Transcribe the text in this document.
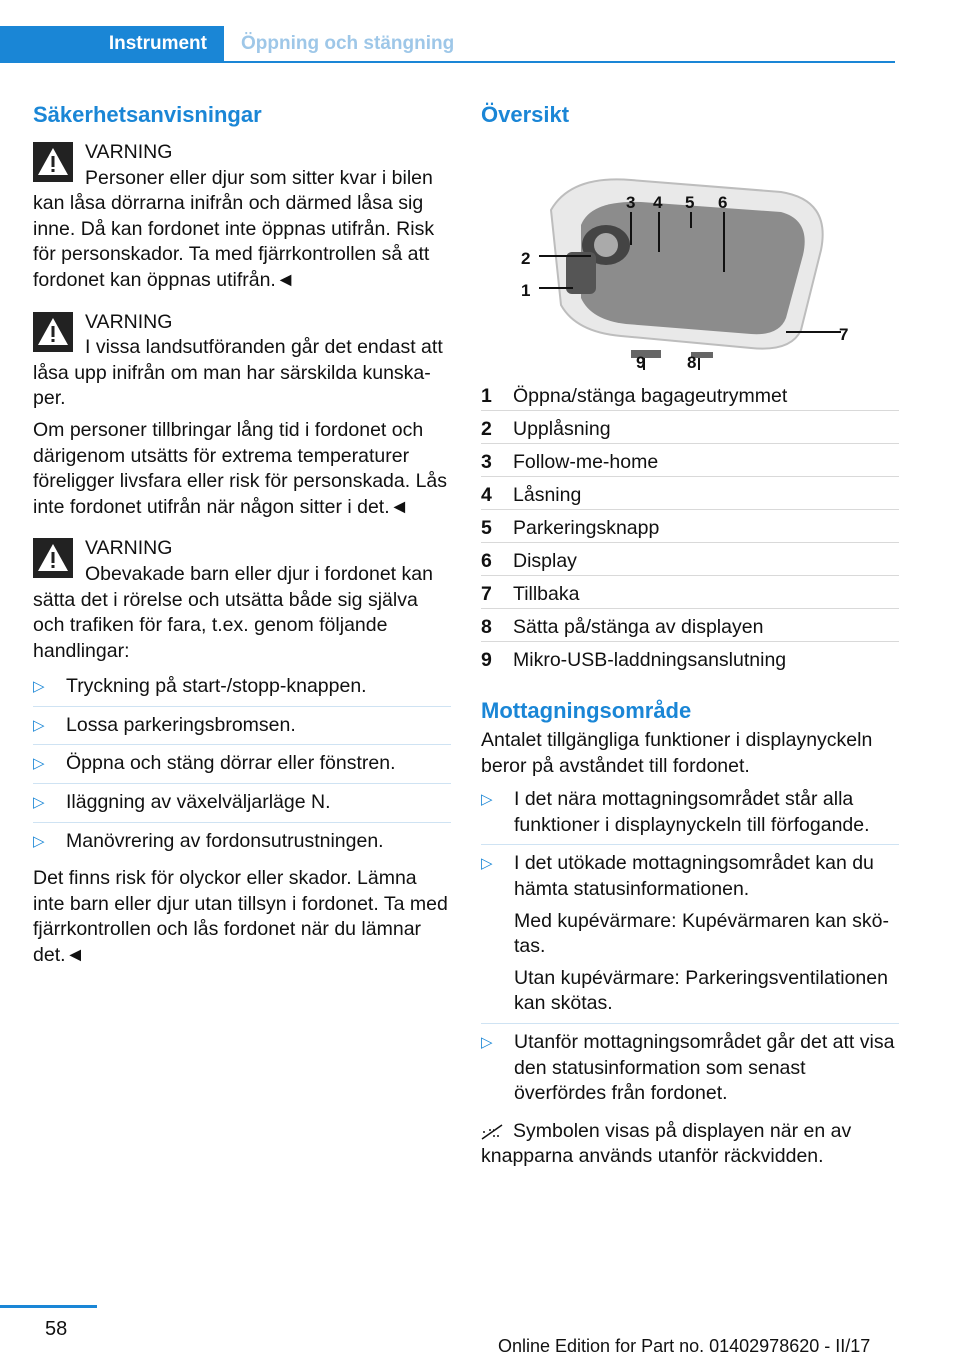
Instrument	Öppning och stängning
Säkerhetsanvisningar
VARNING
Personer eller djur som sitter kvar i bilen kan låsa dörrarna inifrån och därmed låsa sig inne. Då kan fordonet inte öppnas utifrån. Risk för personskador. Ta med fjärrkontrollen så att fordonet kan öppnas utifrån.◄
VARNING
I vissa landsutföranden går det endast att låsa upp inifrån om man har särskilda kunska-per.

Om personer tillbringar lång tid i fordonet och därigenom utsätts för extrema temperaturer föreligger livsfara eller risk för personskada. Lås inte fordonet utifrån när någon sitter i det.◄

VARNING
Obevakade barn eller djur i fordonet kan sätta det i rörelse och utsätta både sig själva och trafiken för fara, t.ex. genom följande handlingar:
▷ Tryckning på start-/stopp-knappen.
▷ Lossa parkeringsbromsen.
▷ Öppna och stäng dörrar eller fönstren.
▷ Iläggning av växelväljarläge N.
▷ Manövrering av fordonsutrustningen.

Det finns risk för olyckor eller skador. Lämna inte barn eller djur utan tillsyn i fordonet. Ta med fjärrkontrollen och lås fordonet när du lämnar det.◄

Översikt
1
2
3 4 5 6
7
8
9
1	Öppna/stänga bagageutrymmet
2	Upplåsning
3	Follow-me-home
4	Låsning
5	Parkeringsknapp
6	Display
7	Tillbaka
8	Sätta på/stänga av displayen
9	Mikro-USB-laddningsanslutning
Mottagningsområde

Antalet tillgängliga funktioner i displaynyckeln beror på avståndet till fordonet.

▷ I det nära mottagningsområdet står alla funktioner i displaynyckeln till förfogande.
▷ I det utökade mottagningsområdet kan du hämta statusinformationen.

Med kupévärmare: Kupévärmaren kan skö-tas.

Utan kupévärmare: Parkeringsventilationen kan skötas.

▷ Utanför mottagningsområdet går det att visa den statusinformation som senast överfördes från fordonet.

Symbolen visas på displayen när en av knapparna används utanför räckvidden.

58
Online Edition for Part no. 01402978620 - II/17
